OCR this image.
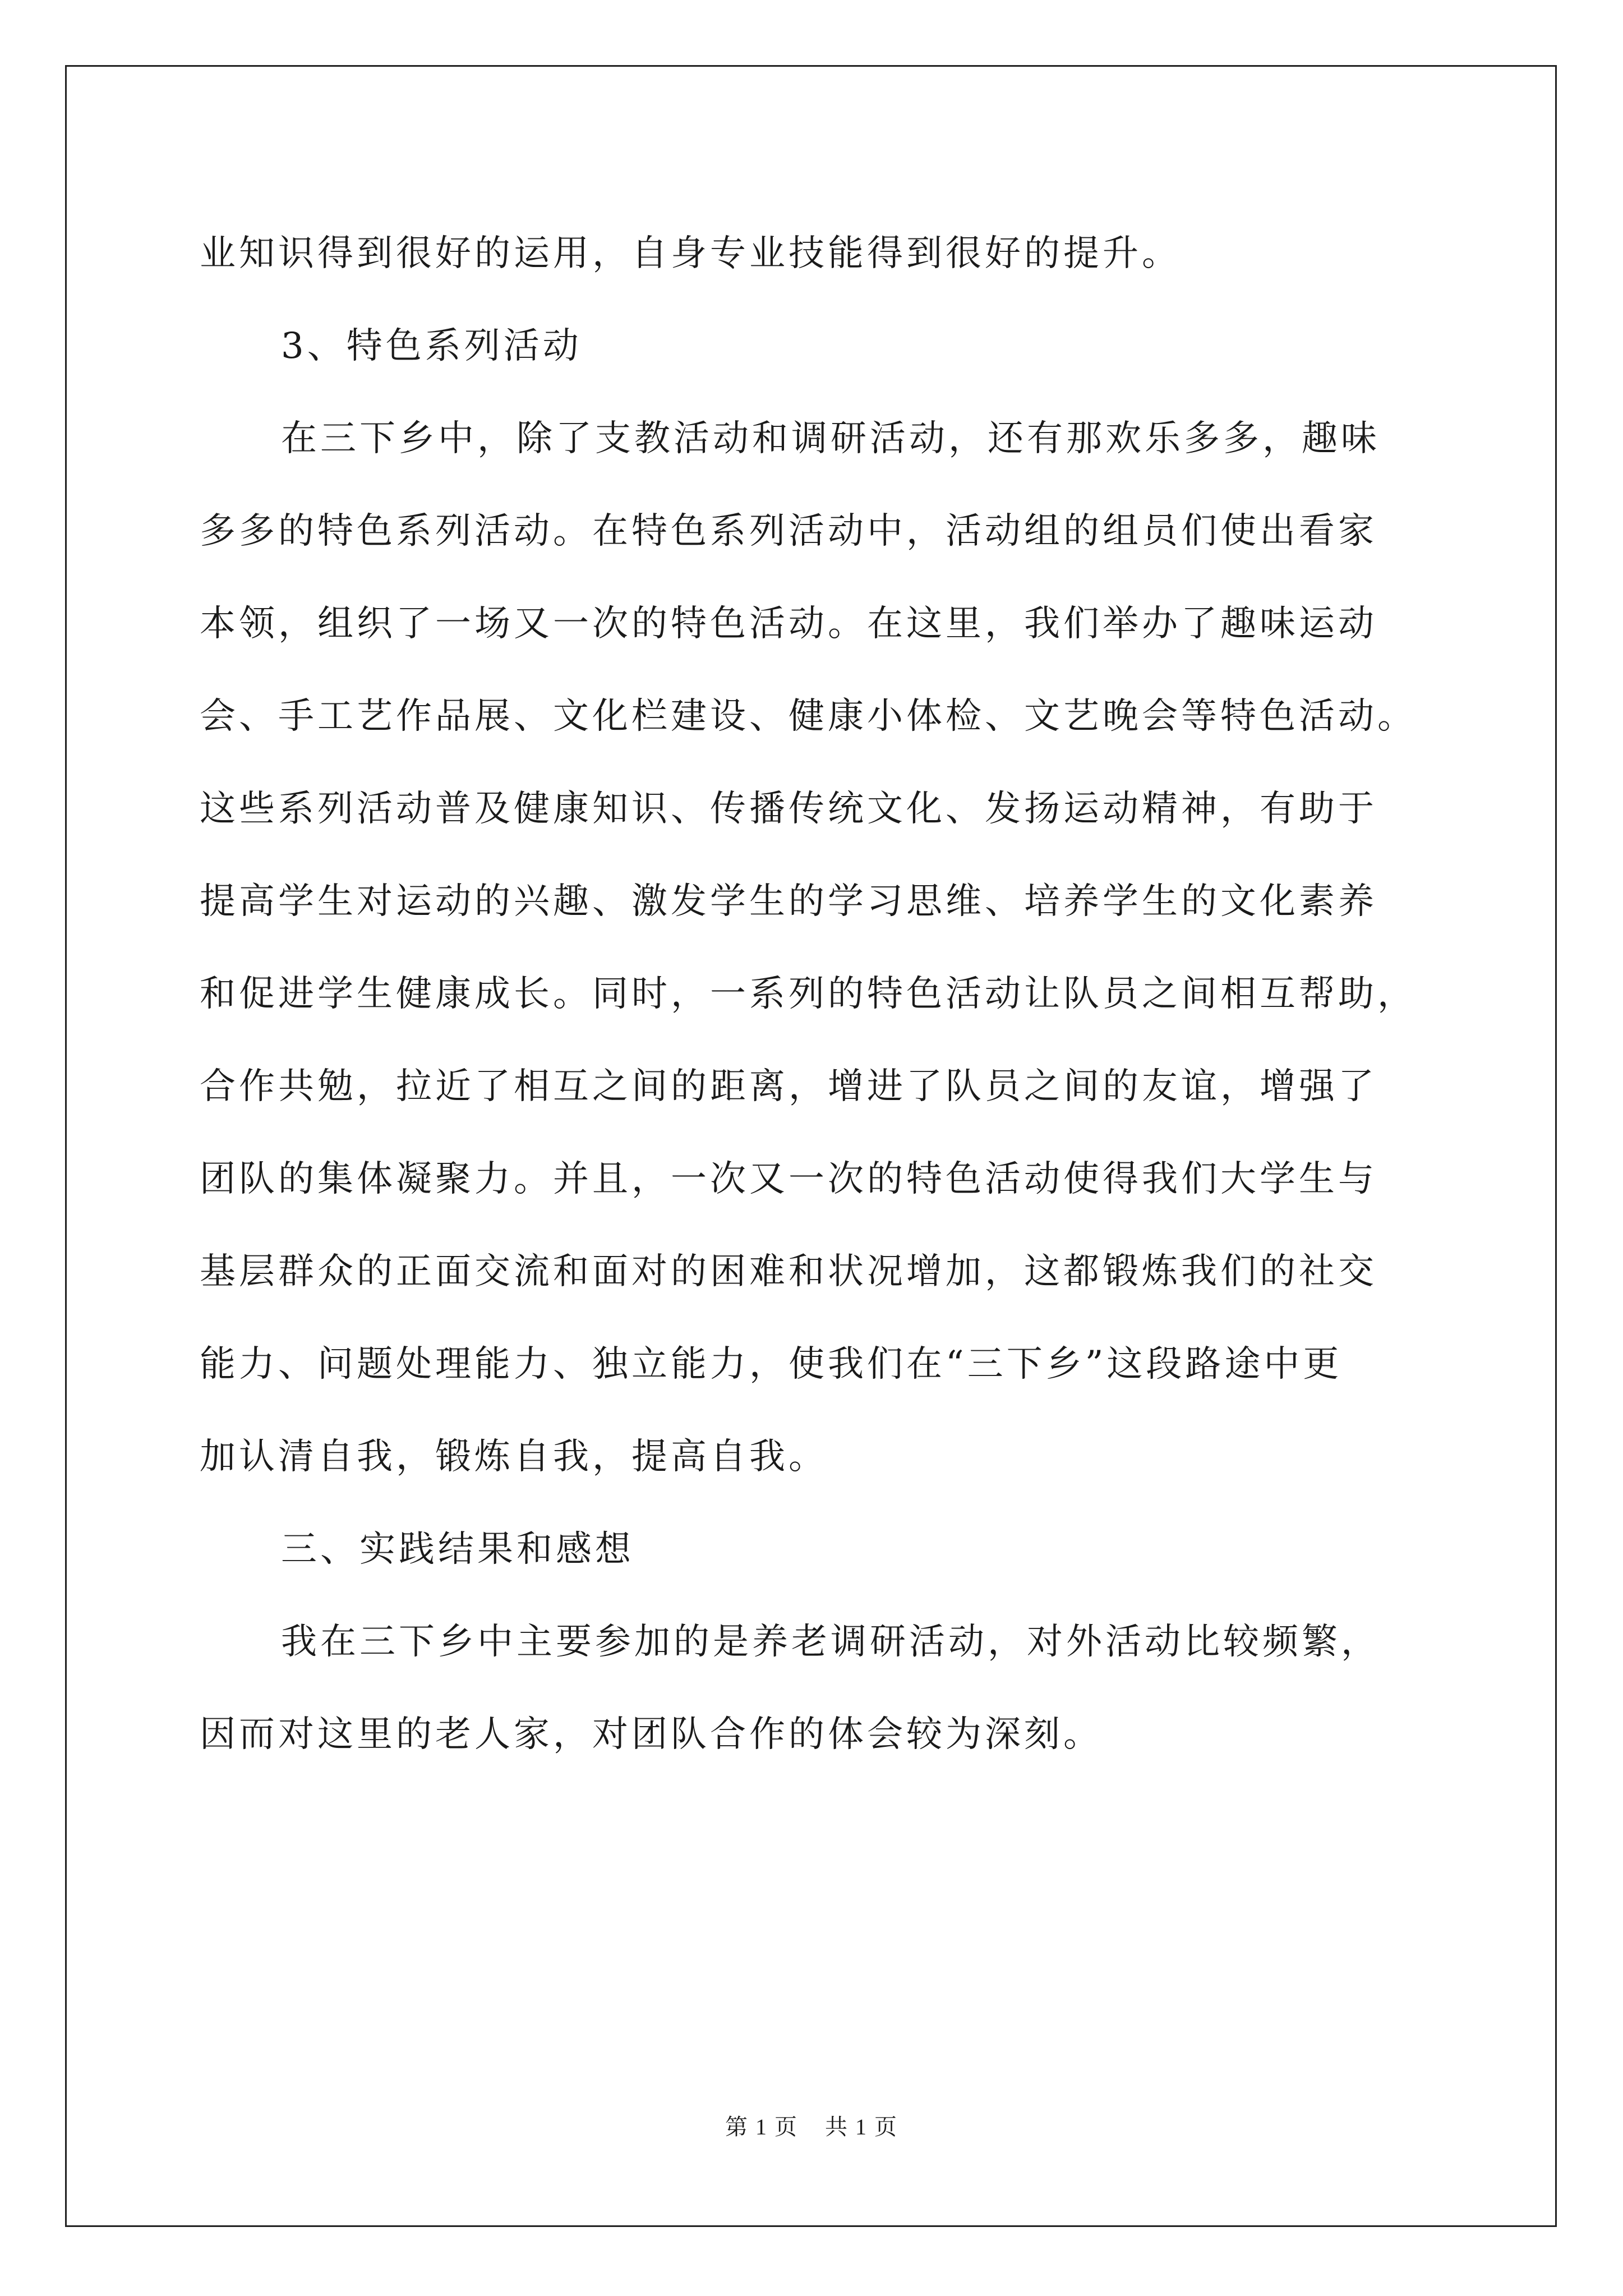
业知识得到很好的运用，自身专业技能得到很好的提升。
3、特色系列活动
在三下乡中，除了支教活动和调研活动，还有那欢乐多多，趣味
多多的特色系列活动。在特色系列活动中，活动组的组员们使出看家
本领，组织了一场又一次的特色活动。在这里，我们举办了趣味运动
会、手工艺作品展、文化栏建设、健康小体检、文艺晚会等特色活动。
这些系列活动普及健康知识、传播传统文化、发扬运动精神，有助于
提高学生对运动的兴趣、激发学生的学习思维、培养学生的文化素养
和促进学生健康成长。同时，一系列的特色活动让队员之间相互帮助，
合作共勉，拉近了相互之间的距离，增进了队员之间的友谊，增强了
团队的集体凝聚力。并且，一次又一次的特色活动使得我们大学生与
基层群众的正面交流和面对的困难和状况增加，这都锻炼我们的社交
能力、问题处理能力、独立能力，使我们在“三下乡”这段路途中更
加认清自我，锻炼自我，提高自我。
三、实践结果和感想
我在三下乡中主要参加的是养老调研活动，对外活动比较频繁，
因而对这里的老人家，对团队合作的体会较为深刻。
第 1 页    共 1 页
